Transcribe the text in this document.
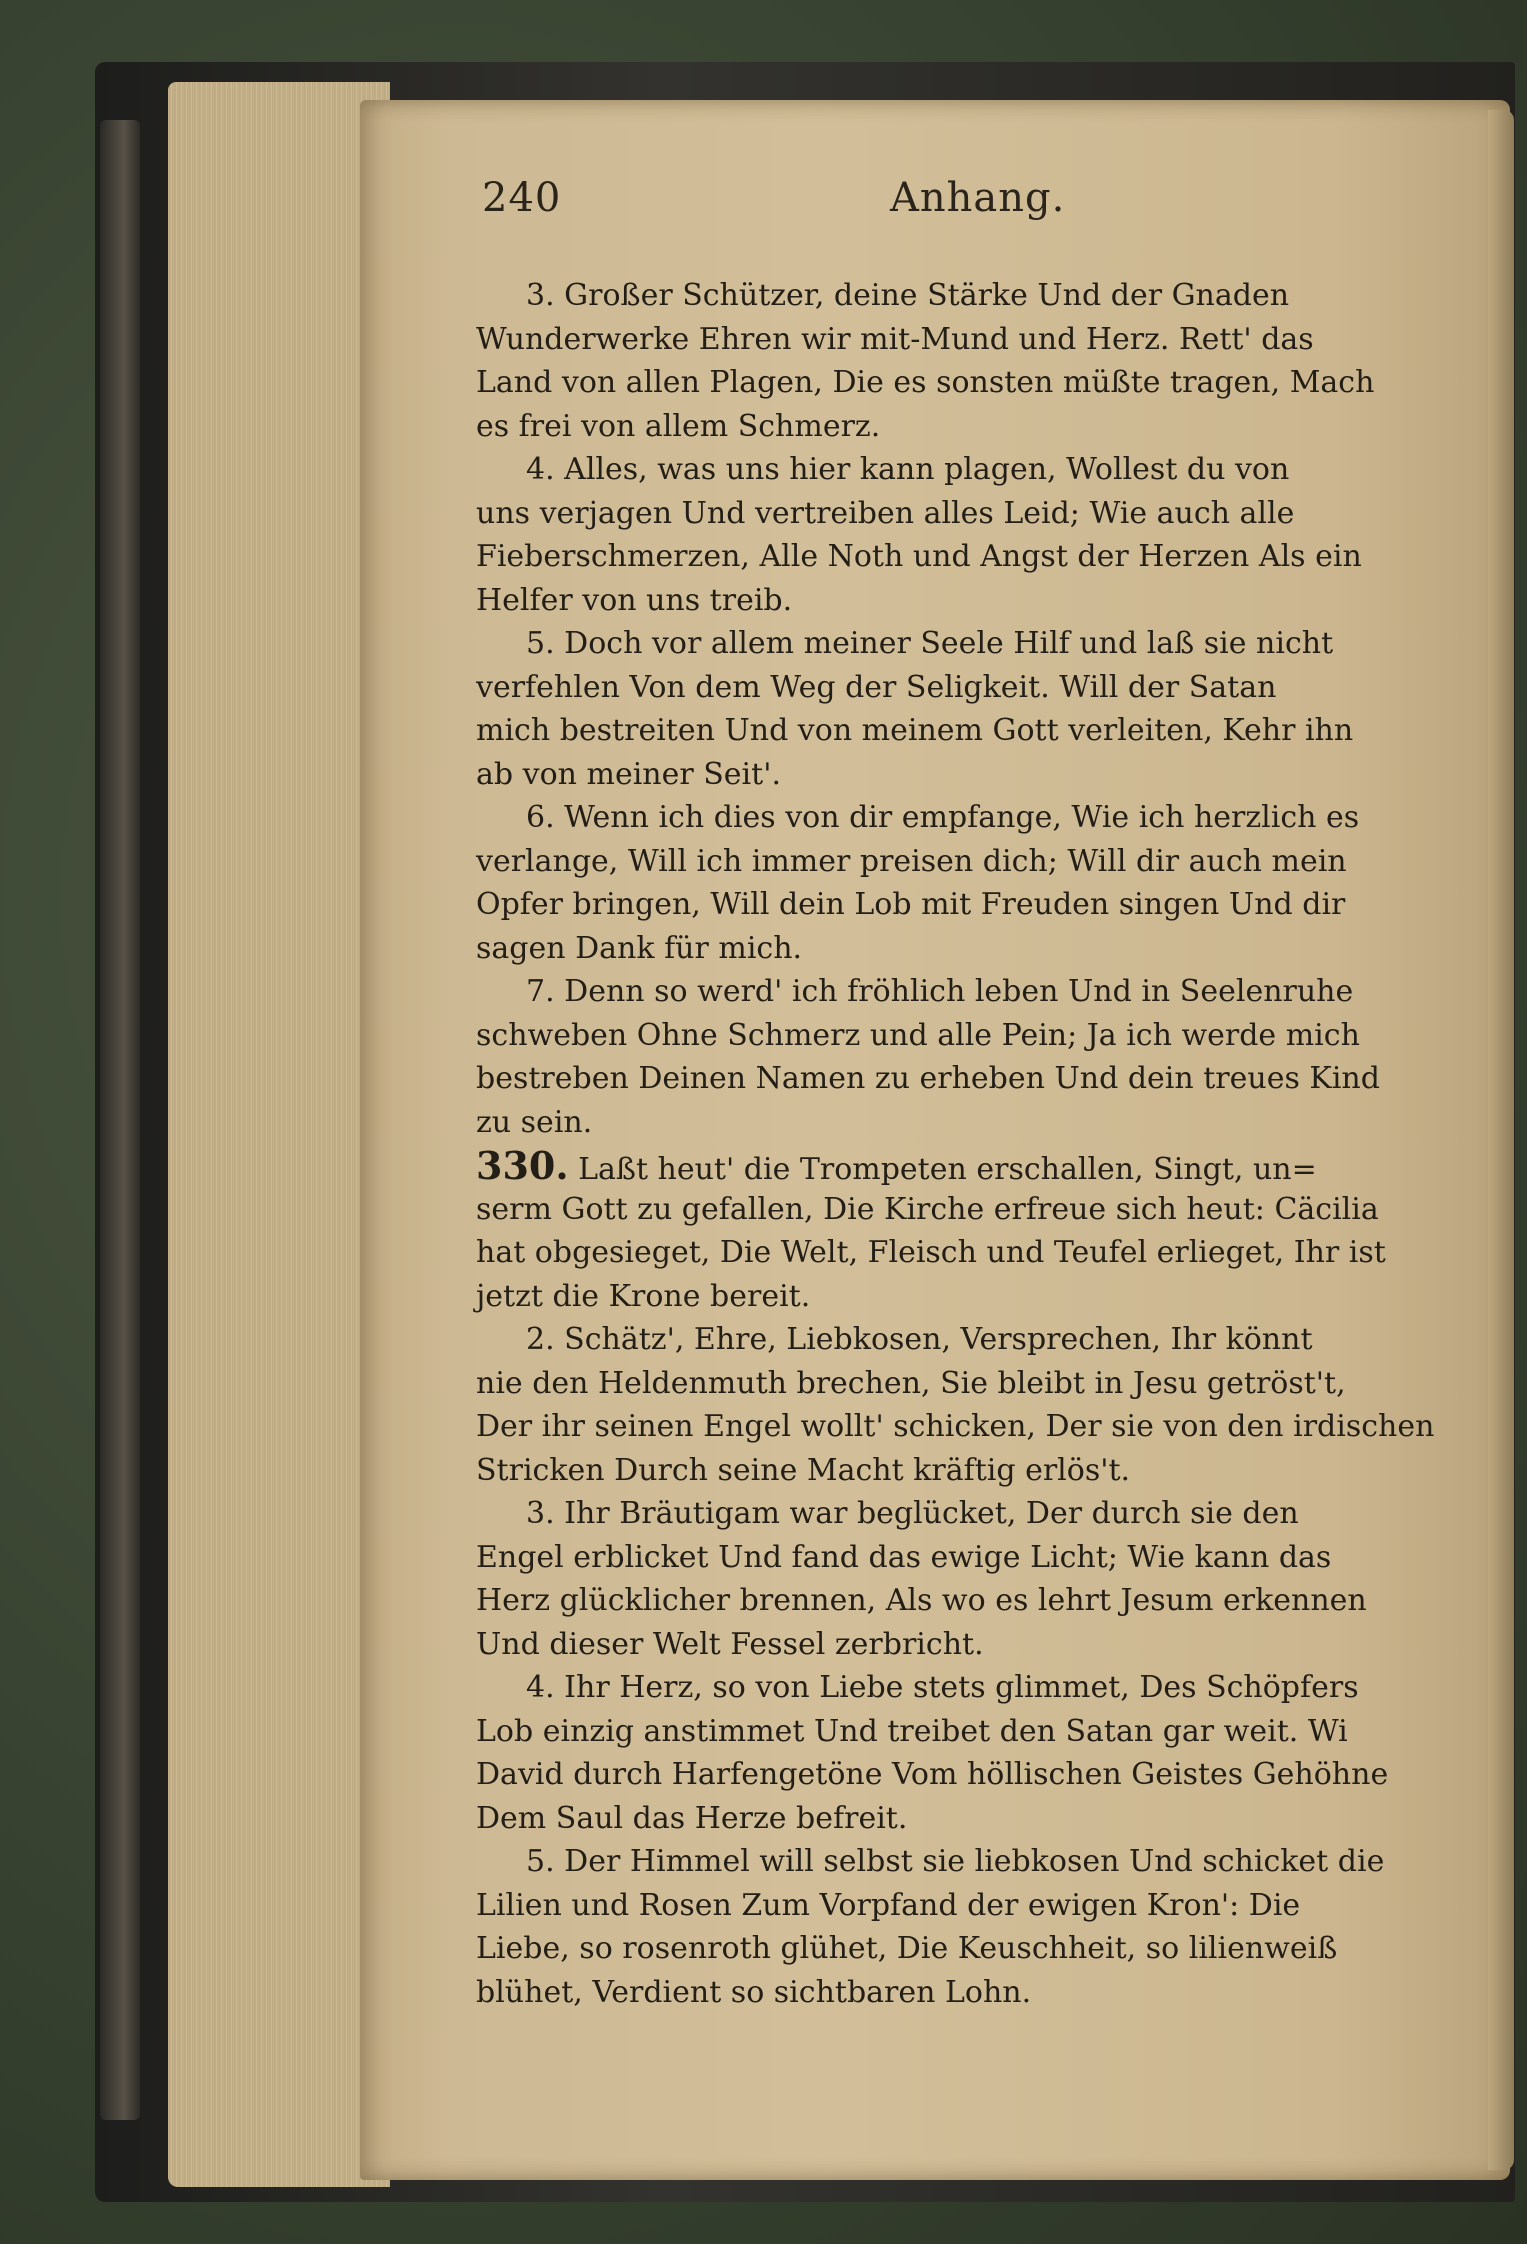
240	Anhang.
3. Großer Schützer, deine Stärke Und der Gnaden
Wunderwerke Ehren wir mit-Mund und Herz. Rett' das
Land von allen Plagen, Die es sonsten müßte tragen, Mach
es frei von allem Schmerz.
4. Alles, was uns hier kann plagen, Wollest du von
uns verjagen Und vertreiben alles Leid; Wie auch alle
Fieberschmerzen, Alle Noth und Angst der Herzen Als ein
Helfer von uns treib.
5. Doch vor allem meiner Seele Hilf und laß sie nicht
verfehlen Von dem Weg der Seligkeit. Will der Satan
mich bestreiten Und von meinem Gott verleiten, Kehr ihn
ab von meiner Seit'.
6. Wenn ich dies von dir empfange, Wie ich herzlich es
verlange, Will ich immer preisen dich; Will dir auch mein
Opfer bringen, Will dein Lob mit Freuden singen Und dir
sagen Dank für mich.
7. Denn so werd' ich fröhlich leben Und in Seelenruhe
schweben Ohne Schmerz und alle Pein; Ja ich werde mich
bestreben Deinen Namen zu erheben Und dein treues Kind
zu sein.
330. Laßt heut' die Trompeten erschallen, Singt, un=
serm Gott zu gefallen, Die Kirche erfreue sich heut: Cäcilia
hat obgesieget, Die Welt, Fleisch und Teufel erlieget, Ihr ist
jetzt die Krone bereit.
2. Schätz', Ehre, Liebkosen, Versprechen, Ihr könnt
nie den Heldenmuth brechen, Sie bleibt in Jesu getröst't,
Der ihr seinen Engel wollt' schicken, Der sie von den irdischen
Stricken Durch seine Macht kräftig erlös't.
3. Ihr Bräutigam war beglücket, Der durch sie den
Engel erblicket Und fand das ewige Licht; Wie kann das
Herz glücklicher brennen, Als wo es lehrt Jesum erkennen
Und dieser Welt Fessel zerbricht.
4. Ihr Herz, so von Liebe stets glimmet, Des Schöpfers
Lob einzig anstimmet Und treibet den Satan gar weit. Wi
David durch Harfengetöne Vom höllischen Geistes Gehöhne
Dem Saul das Herze befreit.
5. Der Himmel will selbst sie liebkosen Und schicket die
Lilien und Rosen Zum Vorpfand der ewigen Kron': Die
Liebe, so rosenroth glühet, Die Keuschheit, so lilienweiß
blühet, Verdient so sichtbaren Lohn.
